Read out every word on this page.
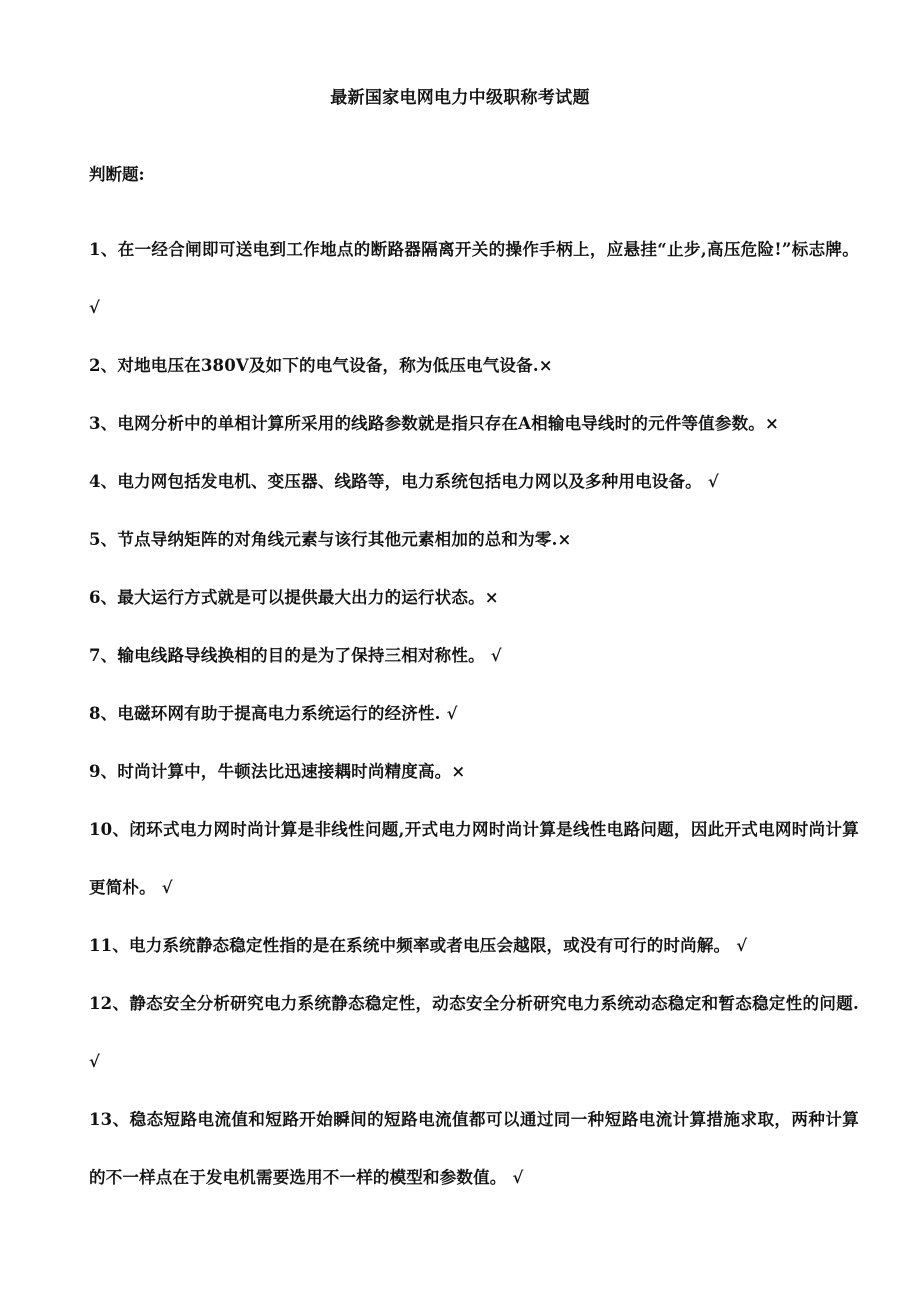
最新国家电网电力中级职称考试题
判断题:
1、在一经合闸即可送电到工作地点的断路器隔离开关的操作手柄上，应悬挂“止步,高压危险!”标志牌。 √
2、对地电压在380V及如下的电气设备，称为低压电气设备.×
3、电网分析中的单相计算所采用的线路参数就是指只存在A相输电导线时的元件等值参数。×
4、电力网包括发电机、变压器、线路等，电力系统包括电力网以及多种用电设备。 √
5、节点导纳矩阵的对角线元素与该行其他元素相加的总和为零.×
6、最大运行方式就是可以提供最大出力的运行状态。×
7、输电线路导线换相的目的是为了保持三相对称性。 √
8、电磁环网有助于提高电力系统运行的经济性. √
9、时尚计算中，牛顿法比迅速接耦时尚精度高。×
10、闭环式电力网时尚计算是非线性问题,开式电力网时尚计算是线性电路问题，因此开式电网时尚计算更简朴。 √
11、电力系统静态稳定性指的是在系统中频率或者电压会越限，或没有可行的时尚解。 √
12、静态安全分析研究电力系统静态稳定性，动态安全分析研究电力系统动态稳定和暂态稳定性的问题. √
13、稳态短路电流值和短路开始瞬间的短路电流值都可以通过同一种短路电流计算措施求取，两种计算的不一样点在于发电机需要选用不一样的模型和参数值。 √
